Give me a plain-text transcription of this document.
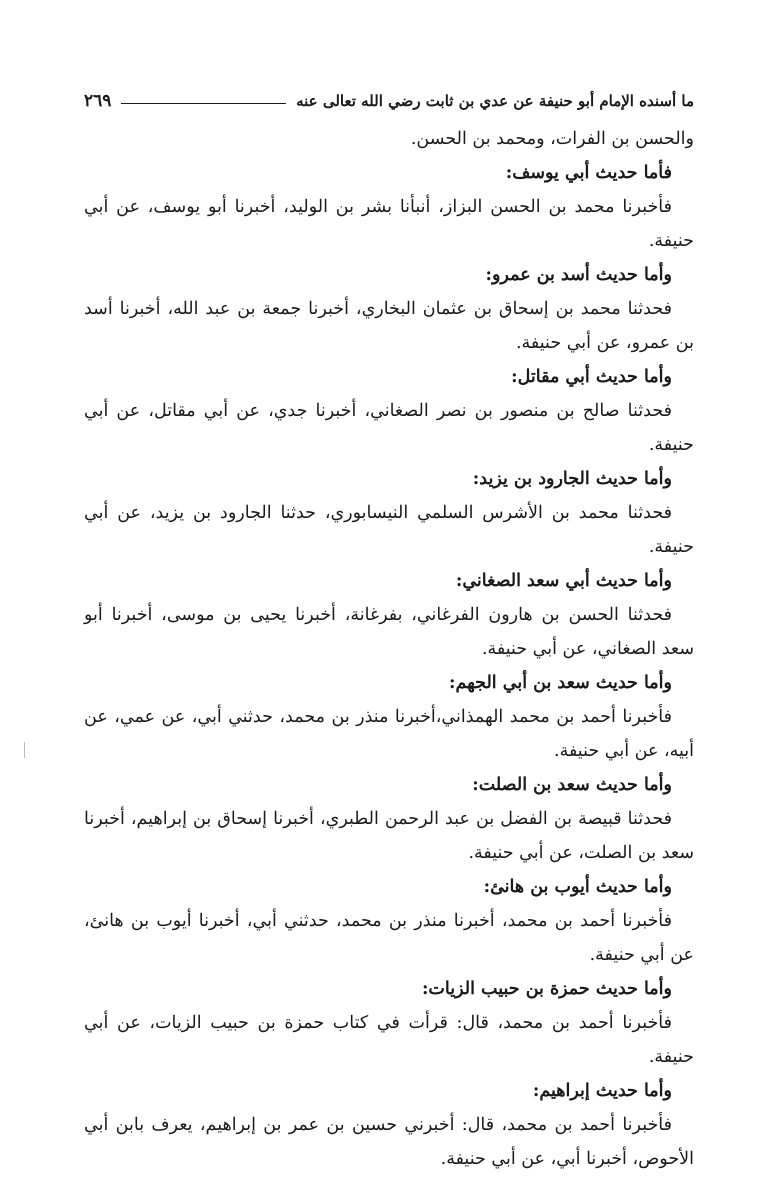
ما أسنده الإمام أبو حنيفة عن عدي بن ثابت رضي الله تعالى عنه
٢٦٩
والحسن بن الفرات، ومحمد بن الحسن.
فأما حديث أبي يوسف:
فأخبرنا محمد بن الحسن البزاز، أنبأنا بشر بن الوليد، أخبرنا أبو يوسف، عن أبي حنيفة.
وأما حديث أسد بن عمرو:
فحدثنا محمد بن إسحاق بن عثمان البخاري، أخبرنا جمعة بن عبد الله، أخبرنا أسد بن عمرو، عن أبي حنيفة.
وأما حديث أبي مقاتل:
فحدثنا صالح بن منصور بن نصر الصغاني، أخبرنا جدي، عن أبي مقاتل، عن أبي حنيفة.
وأما حديث الجارود بن يزيد:
فحدثنا محمد بن الأشرس السلمي النيسابوري، حدثنا الجارود بن يزيد، عن أبي حنيفة.
وأما حديث أبي سعد الصغاني:
فحدثنا الحسن بن هارون الفرغاني، بفرغانة، أخبرنا يحيى بن موسى، أخبرنا أبو سعد الصغاني، عن أبي حنيفة.
وأما حديث سعد بن أبي الجهم:
فأخبرنا أحمد بن محمد الهمذاني،أخبرنا منذر بن محمد، حدثني أبي، عن عمي، عن أبيه، عن أبي حنيفة.
وأما حديث سعد بن الصلت:
فحدثنا قبيصة بن الفضل بن عبد الرحمن الطبري، أخبرنا إسحاق بن إبراهيم، أخبرنا سعد بن الصلت، عن أبي حنيفة.
وأما حديث أيوب بن هانئ:
فأخبرنا أحمد بن محمد، أخبرنا منذر بن محمد، حدثني أبي، أخبرنا أيوب بن هانئ، عن أبي حنيفة.
وأما حديث حمزة بن حبيب الزيات:
فأخبرنا أحمد بن محمد، قال: قرأت في كتاب حمزة بن حبيب الزيات، عن أبي حنيفة.
وأما حديث إبراهيم:
فأخبرنا أحمد بن محمد، قال: أخبرني حسين بن عمر بن إبراهيم، يعرف بابن أبي الأحوص، أخبرنا أبي، عن أبي حنيفة.
